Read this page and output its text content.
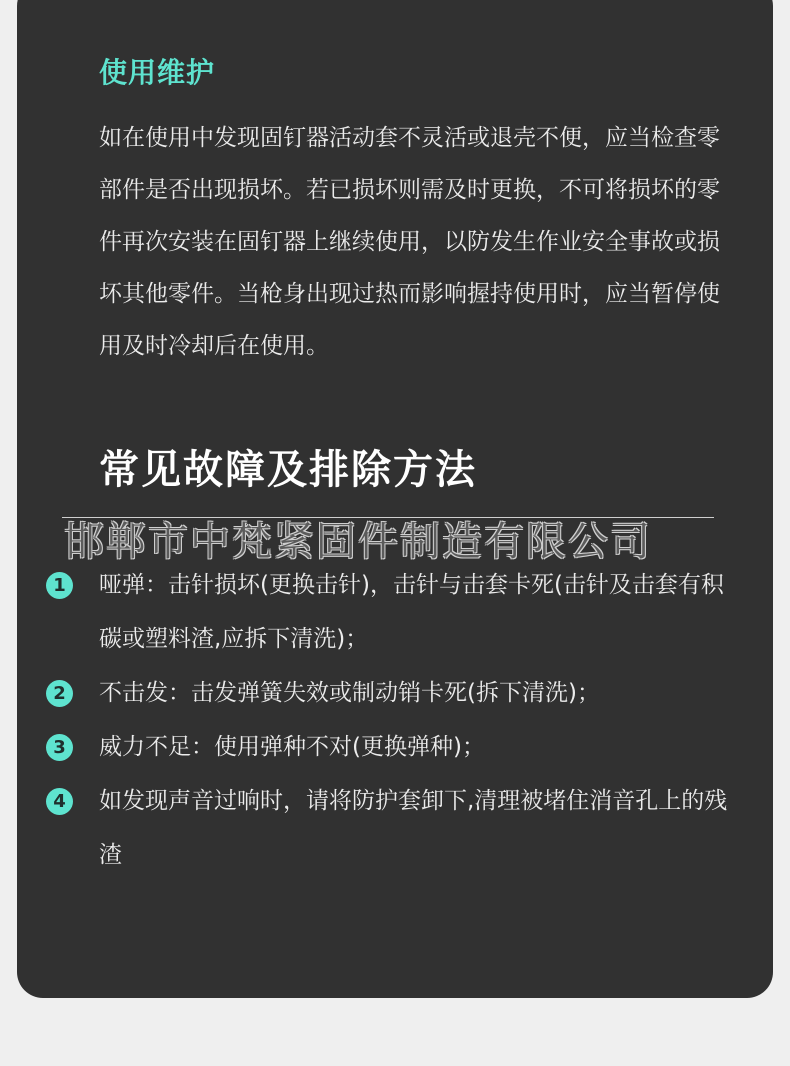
使用维护

如在使用中发现固钉器活动套不灵活或退壳不便，应当检查零部件是否出现损坏。若已损坏则需及时更换，不可将损坏的零件再次安装在固钉器上继续使用，以防发生作业安全事故或损坏其他零件。当枪身出现过热而影响握持使用时，应当暂停使用及时冷却后在使用。

常见故障及排除方法
邯郸市中梵紧固件制造有限公司
1	哑弹：击针损坏(更换击针)，击针与击套卡死(击针及击套有积碳或塑料渣,应拆下清洗)；
2	不击发：击发弹簧失效或制动销卡死(拆下清洗)；
3	威力不足：使用弹种不对(更换弹种)；
4	如发现声音过响时，请将防护套卸下,清理被堵住消音孔上的残渣
